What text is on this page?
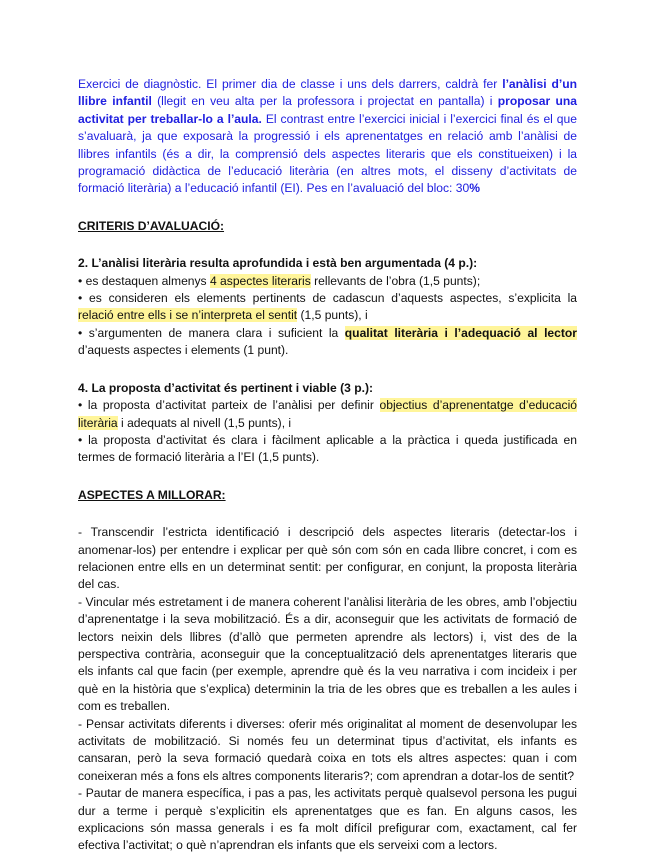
Exercici de diagnòstic. El primer dia de classe i uns dels darrers, caldrà fer l’anàlisi d’un llibre infantil (llegit en veu alta per la professora i projectat en pantalla) i proposar una activitat per treballar-lo a l’aula. El contrast entre l’exercici inicial i l’exercici final és el que s’avaluarà, ja que exposarà la progressió i els aprenentatges en relació amb l’anàlisi de llibres infantils (és a dir, la comprensió dels aspectes literaris que els constitueixen) i la programació didàctica de l’educació literària (en altres mots, el disseny d’activitats de formació literària) a l’educació infantil (EI). Pes en l’avaluació del bloc: 30%

CRITERIS D’AVALUACIÓ:

2. L’anàlisi literària resulta aprofundida i està ben argumentada (4 p.):

• es destaquen almenys 4 aspectes literaris rellevants de l’obra (1,5 punts);

• es consideren els elements pertinents de cadascun d’aquests aspectes, s’explicita la relació entre ells i se n’interpreta el sentit (1,5 punts), i

• s’argumenten de manera clara i suficient la qualitat literària i l’adequació al lector d’aquests aspectes i elements (1 punt).

4. La proposta d’activitat és pertinent i viable (3 p.):

• la proposta d’activitat parteix de l’anàlisi per definir objectius d’aprenentatge d’educació literària i adequats al nivell (1,5 punts), i

• la proposta d’activitat és clara i fàcilment aplicable a la pràctica i queda justificada en termes de formació literària a l’EI (1,5 punts).

ASPECTES A MILLORAR:

- Transcendir l’estricta identificació i descripció dels aspectes literaris (detectar-los i anomenar-los) per entendre i explicar per què són com són en cada llibre concret, i com es relacionen entre ells en un determinat sentit: per configurar, en conjunt, la proposta literària del cas.

- Vincular més estretament i de manera coherent l’anàlisi literària de les obres, amb l’objectiu d’aprenentatge i la seva mobilització. És a dir, aconseguir que les activitats de formació de lectors neixin dels llibres (d’allò que permeten aprendre als lectors) i, vist des de la perspectiva contrària, aconseguir que la conceptualització dels aprenentatges literaris que els infants cal que facin (per exemple, aprendre què és la veu narrativa i com incideix i per què en la història que s’explica) determinin la tria de les obres que es treballen a les aules i com es treballen.

- Pensar activitats diferents i diverses: oferir més originalitat al moment de desenvolupar les activitats de mobilització. Si només feu un determinat tipus d’activitat, els infants es cansaran, però la seva formació quedarà coixa en tots els altres aspectes: quan i com coneixeran més a fons els altres components literaris?; com aprendran a dotar-los de sentit?

- Pautar de manera específica, i pas a pas, les activitats perquè qualsevol persona les pugui dur a terme i perquè s’explicitin els aprenentatges que es fan. En alguns casos, les explicacions són massa generals i es fa molt difícil prefigurar com, exactament, cal fer efectiva l’activitat; o què n’aprendran els infants que els serveixi com a lectors.
